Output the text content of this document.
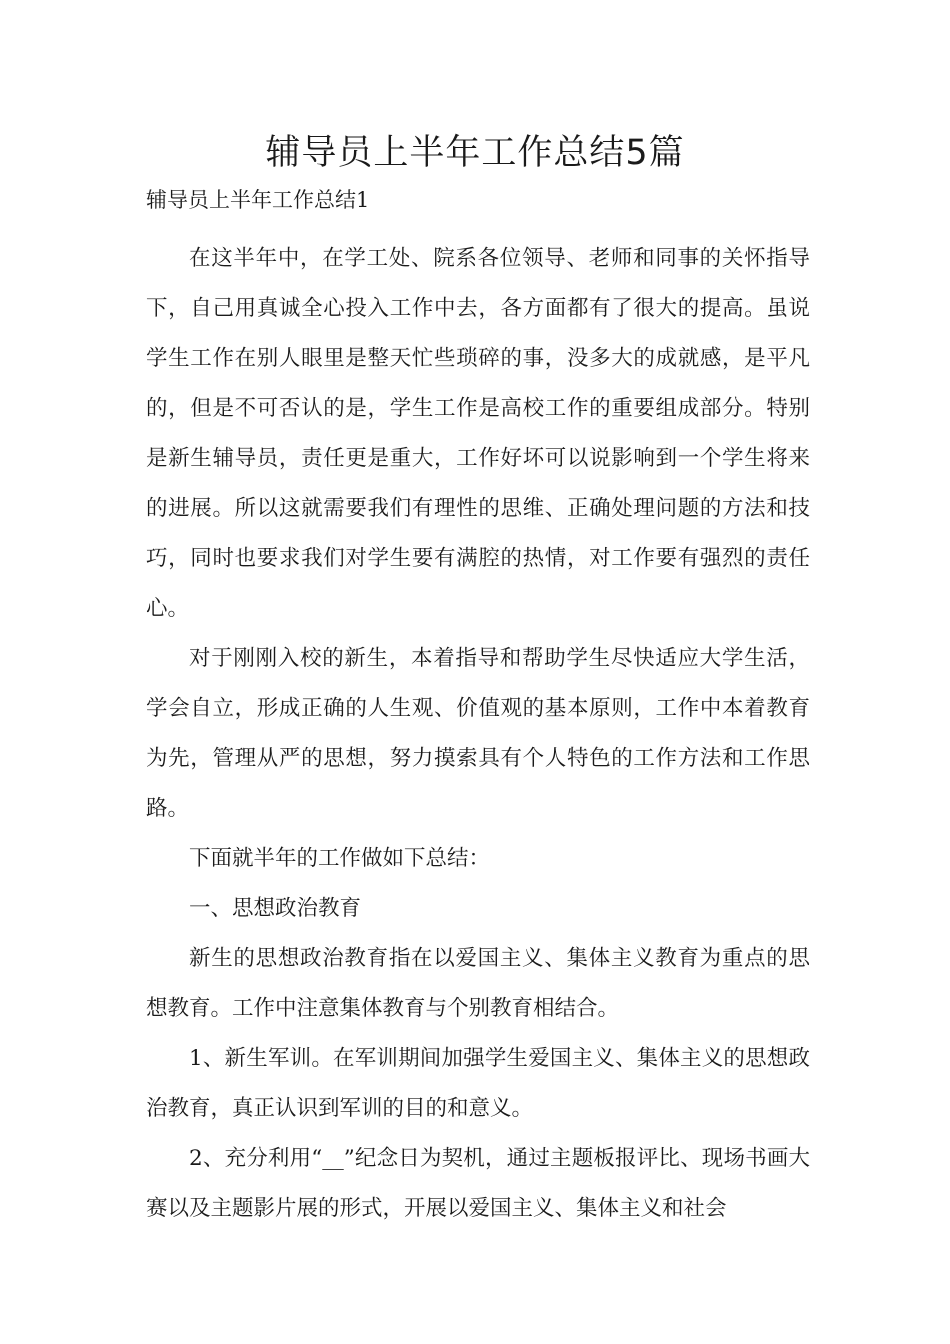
辅导员上半年工作总结5篇
辅导员上半年工作总结1

在这半年中，在学工处、院系各位领导、老师和同事的关怀指导下，自己用真诚全心投入工作中去，各方面都有了很大的提高。虽说学生工作在别人眼里是整天忙些琐碎的事，没多大的成就感，是平凡的，但是不可否认的是，学生工作是高校工作的重要组成部分。特别是新生辅导员，责任更是重大，工作好坏可以说影响到一个学生将来的进展。所以这就需要我们有理性的思维、正确处理问题的方法和技巧，同时也要求我们对学生要有满腔的热情，对工作要有强烈的责任心。

对于刚刚入校的新生，本着指导和帮助学生尽快适应大学生活，学会自立，形成正确的人生观、价值观的基本原则，工作中本着教育为先，管理从严的思想，努力摸索具有个人特色的工作方法和工作思路。

下面就半年的工作做如下总结：

一、思想政治教育

新生的思想政治教育指在以爱国主义、集体主义教育为重点的思想教育。工作中注意集体教育与个别教育相结合。

1、新生军训。在军训期间加强学生爱国主义、集体主义的思想政治教育，真正认识到军训的目的和意义。

2、充分利用“__”纪念日为契机，通过主题板报评比、现场书画大赛以及主题影片展的形式，开展以爱国主义、集体主义和社会
